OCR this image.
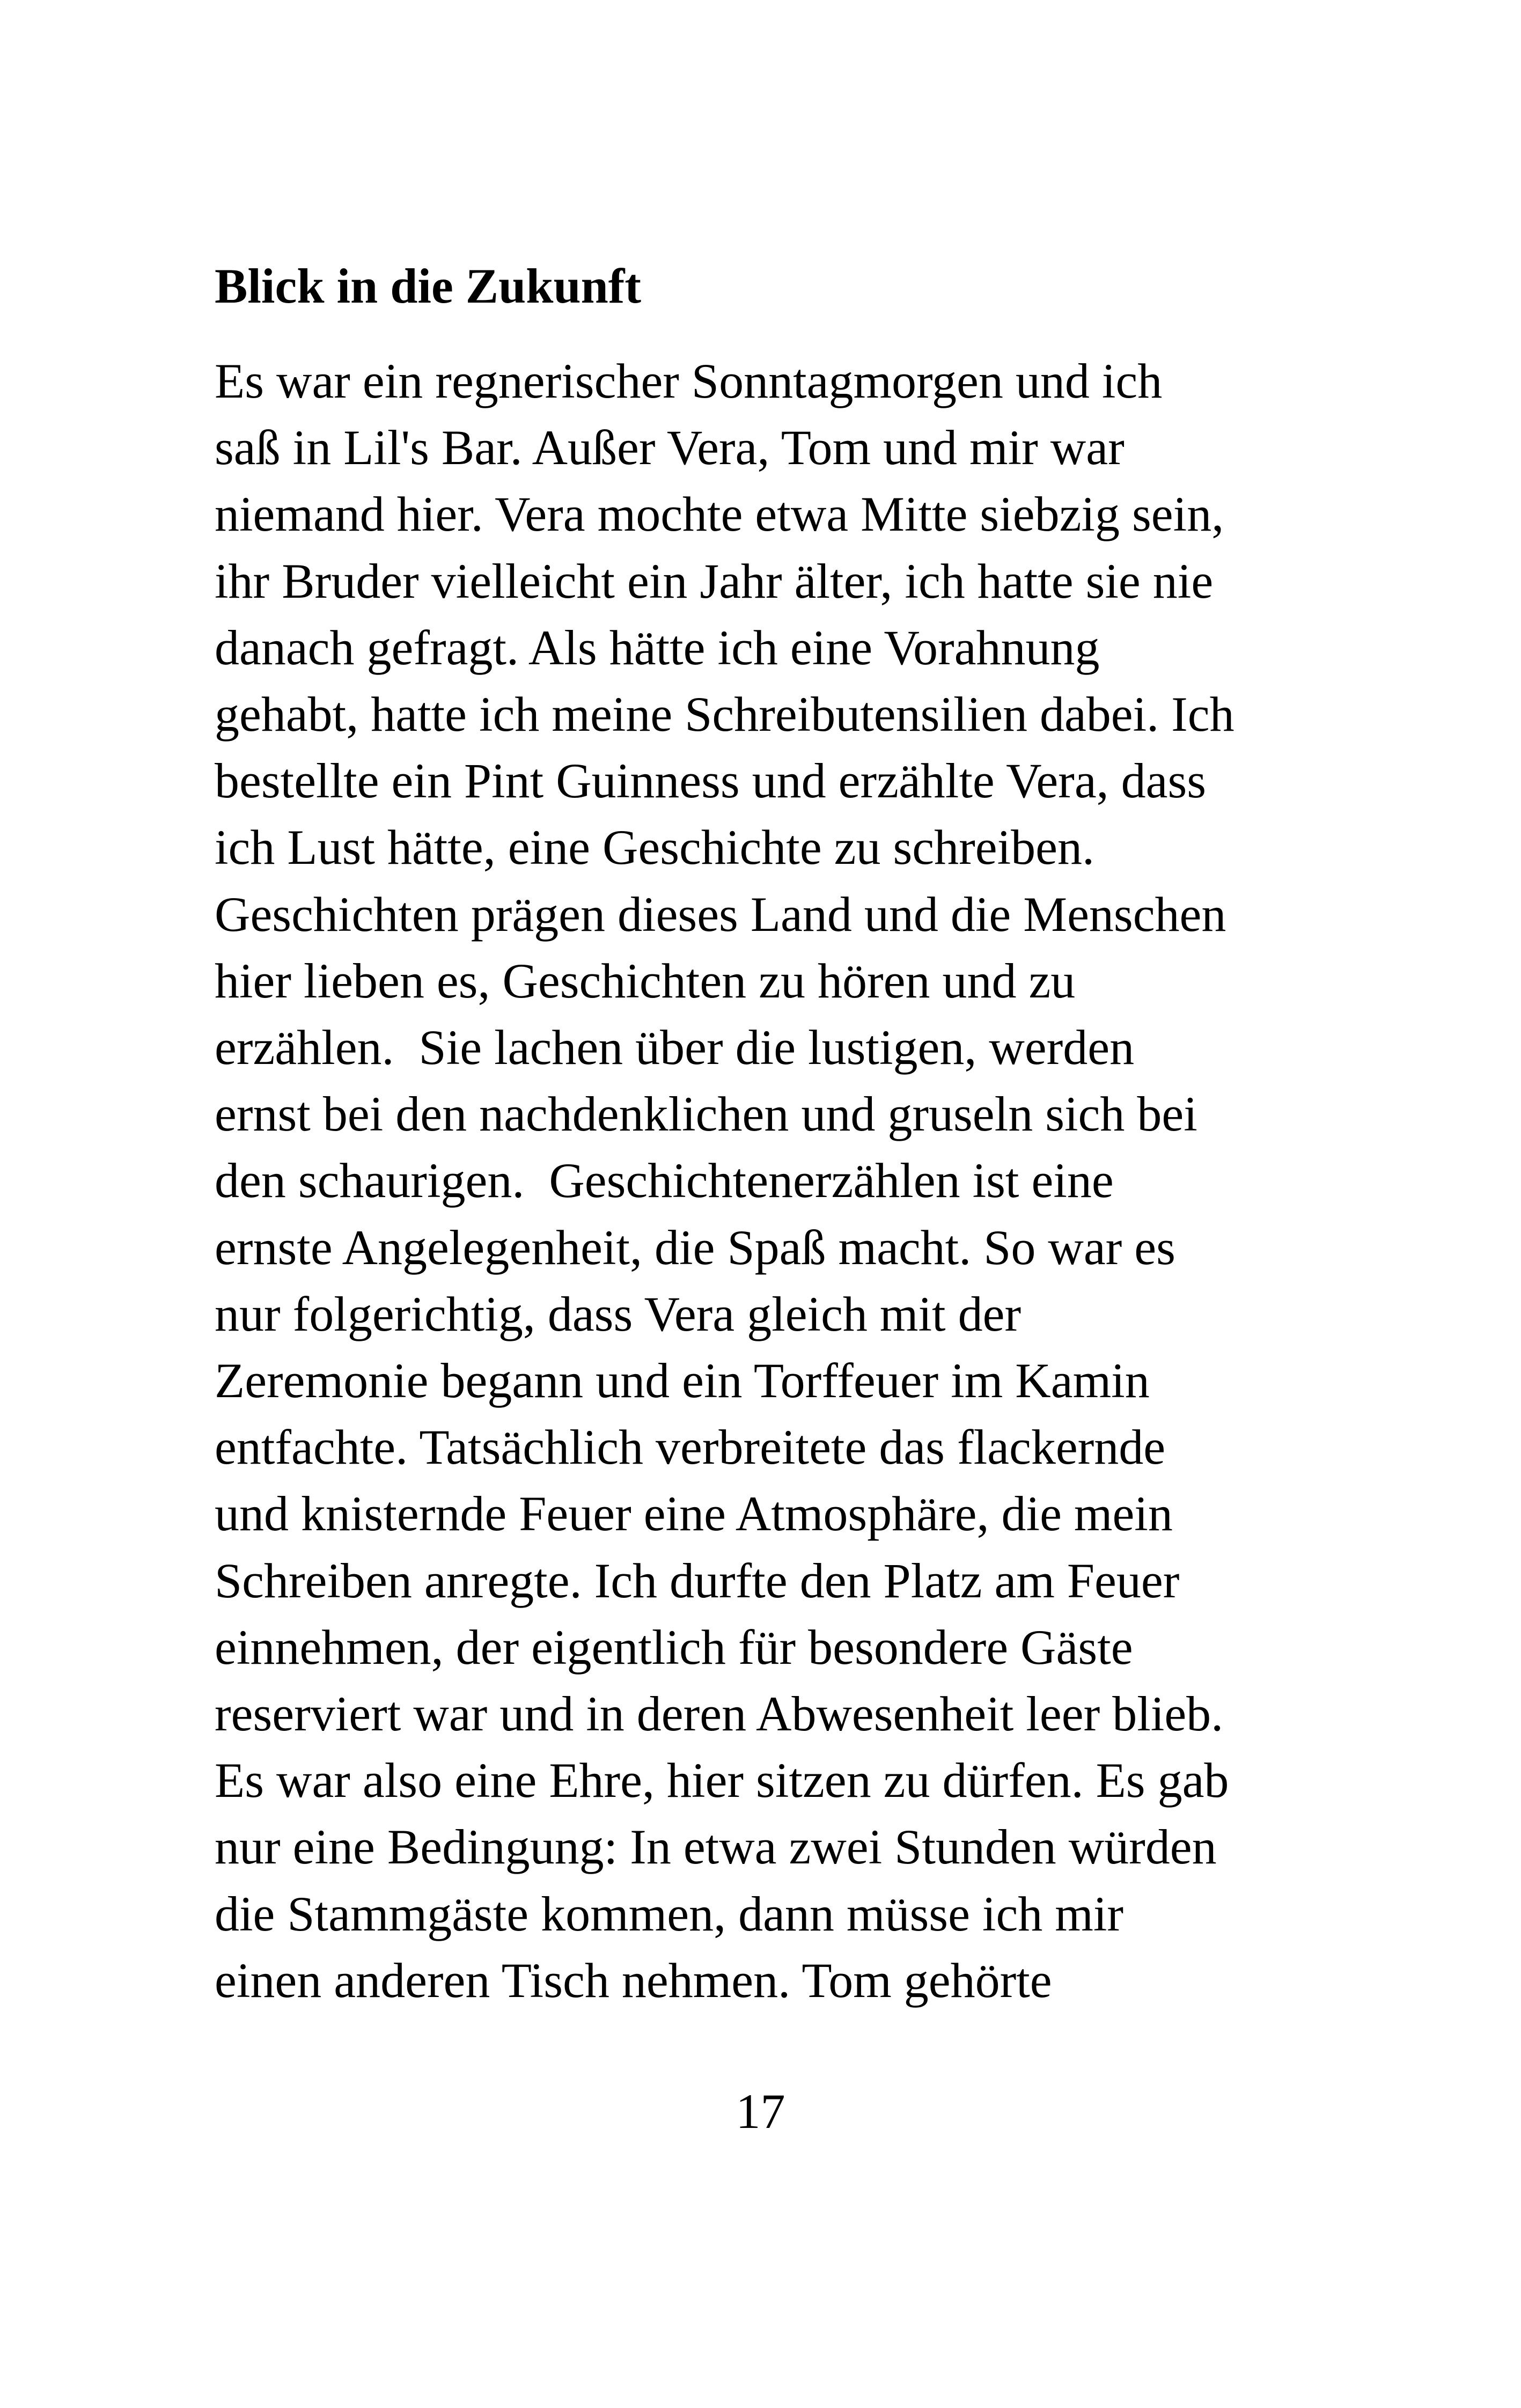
Blick in die Zukunft
Es war ein regnerischer Sonntagmorgen und ich
saß in Lil's Bar. Außer Vera, Tom und mir war
niemand hier. Vera mochte etwa Mitte siebzig sein,
ihr Bruder vielleicht ein Jahr älter, ich hatte sie nie
danach gefragt. Als hätte ich eine Vorahnung
gehabt, hatte ich meine Schreibutensilien dabei. Ich
bestellte ein Pint Guinness und erzählte Vera, dass
ich Lust hätte, eine Geschichte zu schreiben.
Geschichten prägen dieses Land und die Menschen
hier lieben es, Geschichten zu hören und zu
erzählen.  Sie lachen über die lustigen, werden
ernst bei den nachdenklichen und gruseln sich bei
den schaurigen.  Geschichtenerzählen ist eine
ernste Angelegenheit, die Spaß macht. So war es
nur folgerichtig, dass Vera gleich mit der
Zeremonie begann und ein Torffeuer im Kamin
entfachte. Tatsächlich verbreitete das flackernde
und knisternde Feuer eine Atmosphäre, die mein
Schreiben anregte. Ich durfte den Platz am Feuer
einnehmen, der eigentlich für besondere Gäste
reserviert war und in deren Abwesenheit leer blieb.
Es war also eine Ehre, hier sitzen zu dürfen. Es gab
nur eine Bedingung: In etwa zwei Stunden würden
die Stammgäste kommen, dann müsse ich mir
einen anderen Tisch nehmen. Tom gehörte
17
